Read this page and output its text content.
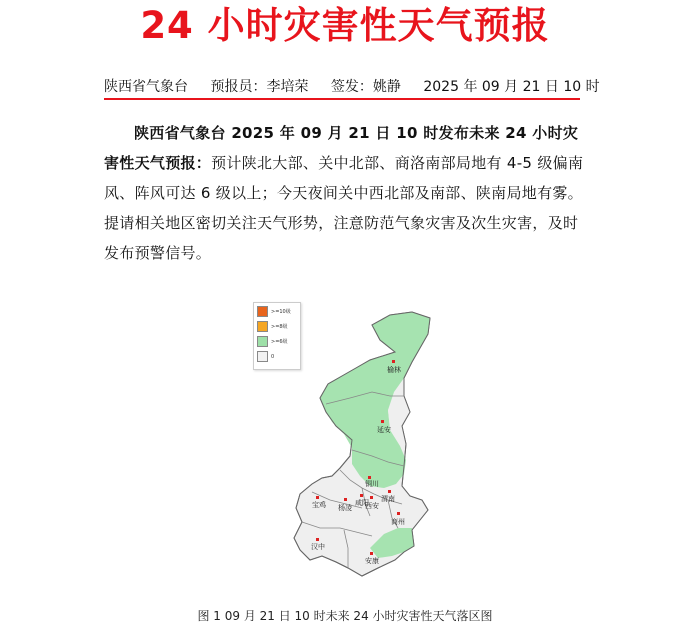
24 小时灾害性天气预报
陕西省气象台 预报员：李培荣 签发：姚静 2025 年 09 月 21 日 10 时
陕西省气象台 2025 年 09 月 21 日 10 时发布未来 24 小时灾害性天气预报：预计陕北大部、关中北部、商洛南部局地有 4-5 级偏南风、阵风可达 6 级以上；今天夜间关中西北部及南部、陕南局地有雾。提请相关地区密切关注天气形势，注意防范气象灾害及次生灾害，及时发布预警信号。
>=10级
>=8级
>=6级
0
榆林
延安
铜川
渭南
宝鸡 杨凌
咸阳
西安
商州
汉中
安康
图 1 09 月 21 日 10 时未来 24 小时灾害性天气落区图
